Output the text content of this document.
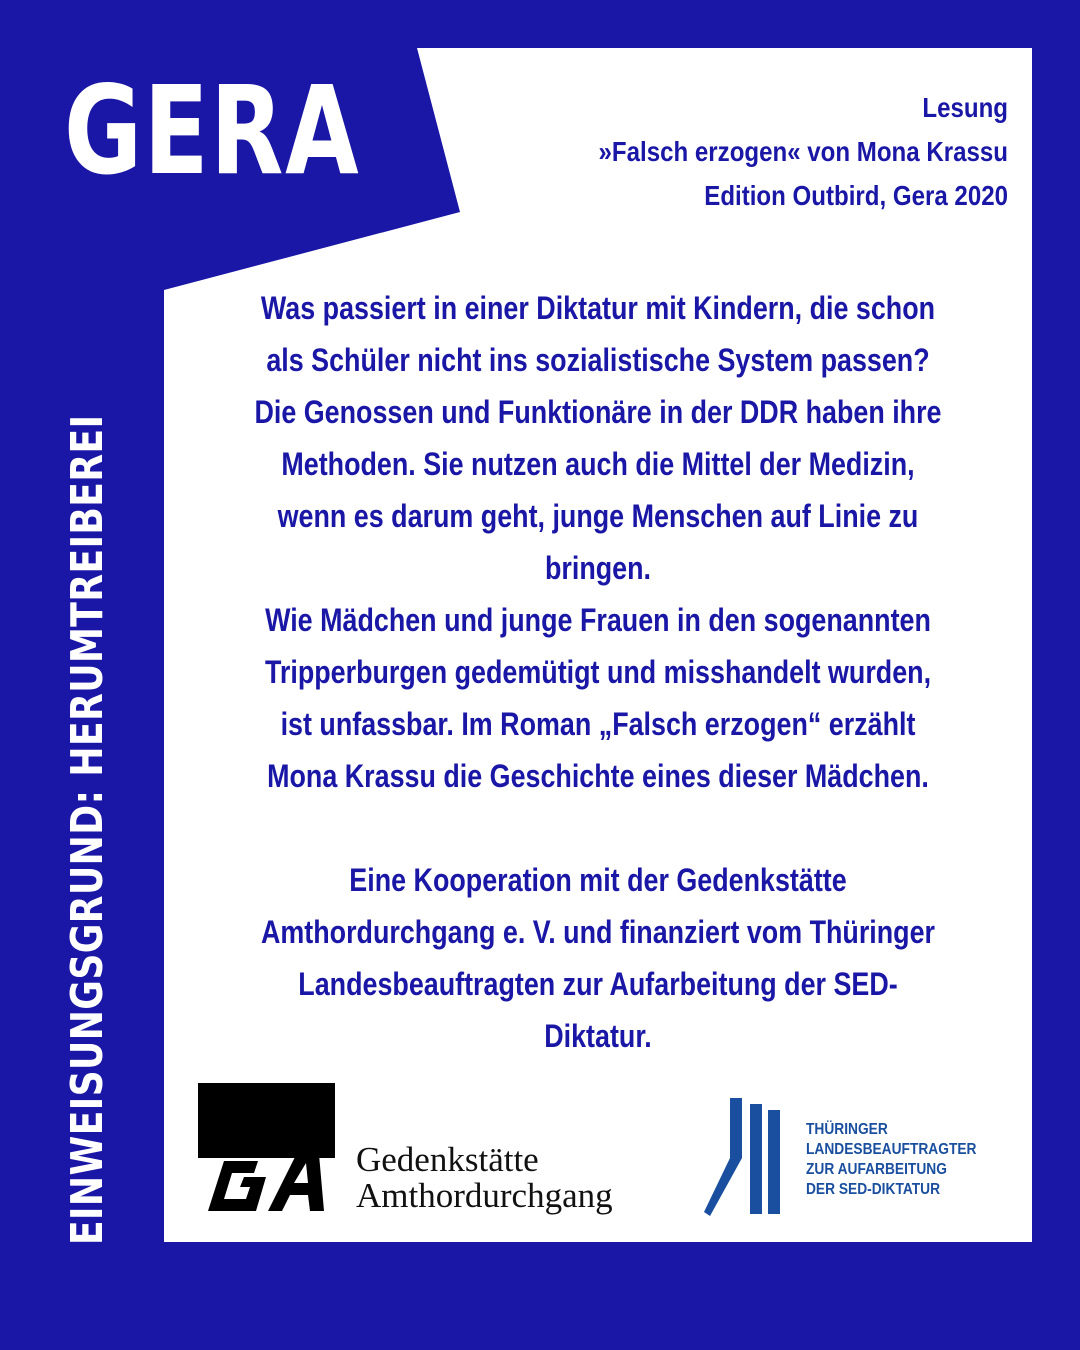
GERA
EINWEISUNGSGRUND: HERUMTREIBEREI
Lesung
»Falsch erzogen« von Mona Krassu
Edition Outbird, Gera 2020
Was passiert in einer Diktatur mit Kindern, die schon
als Schüler nicht ins sozialistische System passen?
Die Genossen und Funktionäre in der DDR haben ihre
Methoden. Sie nutzen auch die Mittel der Medizin,
wenn es darum geht, junge Menschen auf Linie zu
bringen.
Wie Mädchen und junge Frauen in den sogenannten
Tripperburgen gedemütigt und misshandelt wurden,
ist unfassbar. Im Roman „Falsch erzogen“ erzählt
Mona Krassu die Geschichte eines dieser Mädchen.
Eine Kooperation mit der Gedenkstätte
Amthordurchgang e. V. und finanziert vom Thüringer
Landesbeauftragten zur Aufarbeitung der SED-
Diktatur.
Gedenkstätte
Amthordurchgang
THÜRINGER
LANDESBEAUFTRAGTER
ZUR AUFARBEITUNG
DER SED-DIKTATUR
